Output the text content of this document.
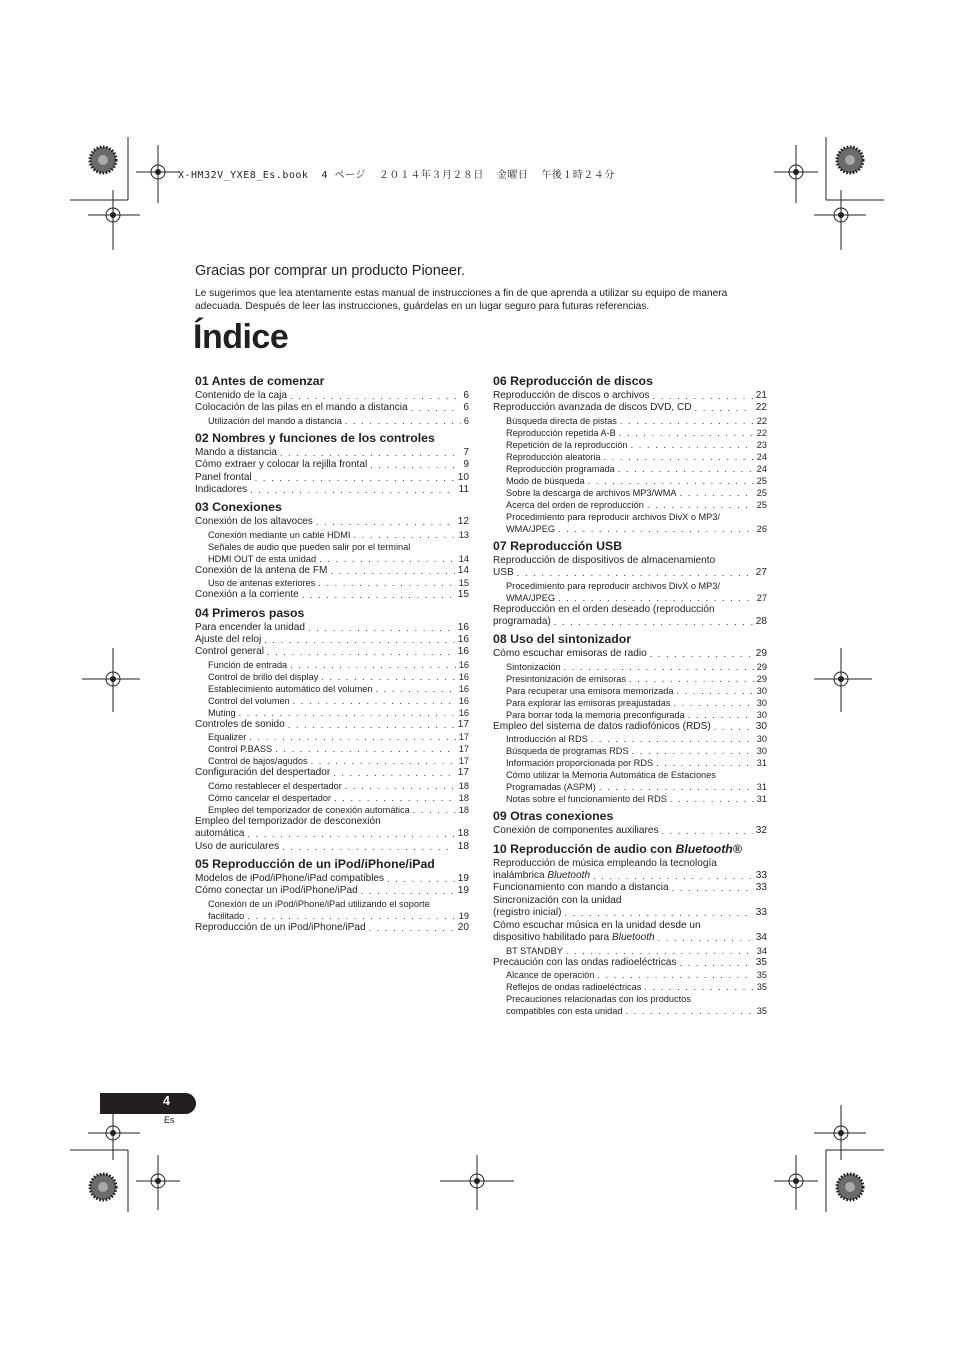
X-HM32V_YXE8_Es.book  4 ページ  ２０１４年３月２８日  金曜日  午後１時２４分
Gracias por comprar un producto Pioneer.
Le sugerimos que lea atentamente estas manual de instrucciones a fin de que aprenda a utilizar su equipo de manera adecuada. Después de leer las instrucciones, guárdelas en un lugar seguro para futuras referencias.
Índice
01 Antes de comenzar
Contenido de la caja . . .	6
Colocación de las pilas en el mando a distancia . . .	6
Utilización del mando a distancia . . .	6
02 Nombres y funciones de los controles
Mando a distancia . . .	7
Cómo extraer y colocar la rejilla frontal . . .	9
Panel frontal . . .	10
Indicadores . . .	11
03 Conexiones
Conexión de los altavoces . . .	12
Conexión mediante un cable HDMI . . .	13
Señales de audio que pueden salir por el terminal
HDMI OUT de esta unidad . . .	14
Conexión de la antena de FM . . .	14
Uso de antenas exteriores . . .	15
Conexión a la corriente . . .	15
04 Primeros pasos
Para encender la unidad . . .	16
Ajuste del reloj . . .	16
Control general . . .	16
Función de entrada . . .	16
Control de brillo del display . . .	16
Establecimiento automático del volumen . . .	16
Control del volumen . . .	16
Muting . . .	16
Controles de sonido . . .	17
Equalizer . . .	17
Control P.BASS . . .	17
Control de bajos/agudos . . .	17
Configuración del despertador . . .	17
Cómo restablecer el despertador . . .	18
Cómo cancelar el despertador . . .	18
Empleo del temporizador de conexión automática . . .	18
Empleo del temporizador de desconexión
automática . . .	18
Uso de auriculares . . .	18
05 Reproducción de un iPod/iPhone/iPad
Modelos de iPod/iPhone/iPad compatibles . . .	19
Cómo conectar un iPod/iPhone/iPad . . .	19
Conexión de un iPod/iPhone/iPad utilizando el soporte
facilitado . . .	19
Reproducción de un iPod/iPhone/iPad . . .	20
06 Reproducción de discos
Reproducción de discos o archivos . . .	21
Reproducción avanzada de discos DVD, CD . . .	22
Búsqueda directa de pistas . . .	22
Reproducción repetida A-B . . .	22
Repetición de la reproducción . . .	23
Reproducción aleatoria . . .	24
Reproducción programada . . .	24
Modo de búsqueda . . .	25
Sobre la descarga de archivos MP3/WMA . . .	25
Acerca del orden de reproducción . . .	25
Procedimiento para reproducir archivos DivX o MP3/
WMA/JPEG . . .	26
07 Reproducción USB
Reproducción de dispositivos de almacenamiento
USB . . .	27
Procedimiento para reproducir archivos DivX o MP3/
WMA/JPEG . . .	27
Reproducción en el orden deseado (reproducción
programada) . . .	28
08 Uso del sintonizador
Cómo escuchar emisoras de radio . . .	29
Sintonización . . .	29
Presintonización de emisoras . . .	29
Para recuperar una emisora memorizada . . .	30
Para explorar las emisoras preajustadas . . .	30
Para borrar toda la memoria preconfigurada . . .	30
Empleo del sistema de datos radiofónicos (RDS) . . .	30
Introducción al RDS . . .	30
Búsqueda de programas RDS . . .	30
Información proporcionada por RDS . . .	31
Cómo utilizar la Memoria Automática de Estaciones
Programadas (ASPM) . . .	31
Notas sobre el funcionamiento del RDS . . .	31
09 Otras conexiones
Conexión de componentes auxiliares . . .	32
10 Reproducción de audio con Bluetooth®
Reproducción de música empleando la tecnología
inalámbrica Bluetooth . . .	33
Funcionamiento con mando a distancia . . .	33
Sincronización con la unidad
(registro inicial) . . .	33
Cómo escuchar música en la unidad desde un
dispositivo habilitado para Bluetooth . . .	34
BT STANDBY . . .	34
Precaución con las ondas radioeléctricas . . .	35
Alcance de operación . . .	35
Reflejos de ondas radioeléctricas . . .	35
Precauciones relacionadas con los productos
compatibles con esta unidad . . .	35
4
Es
